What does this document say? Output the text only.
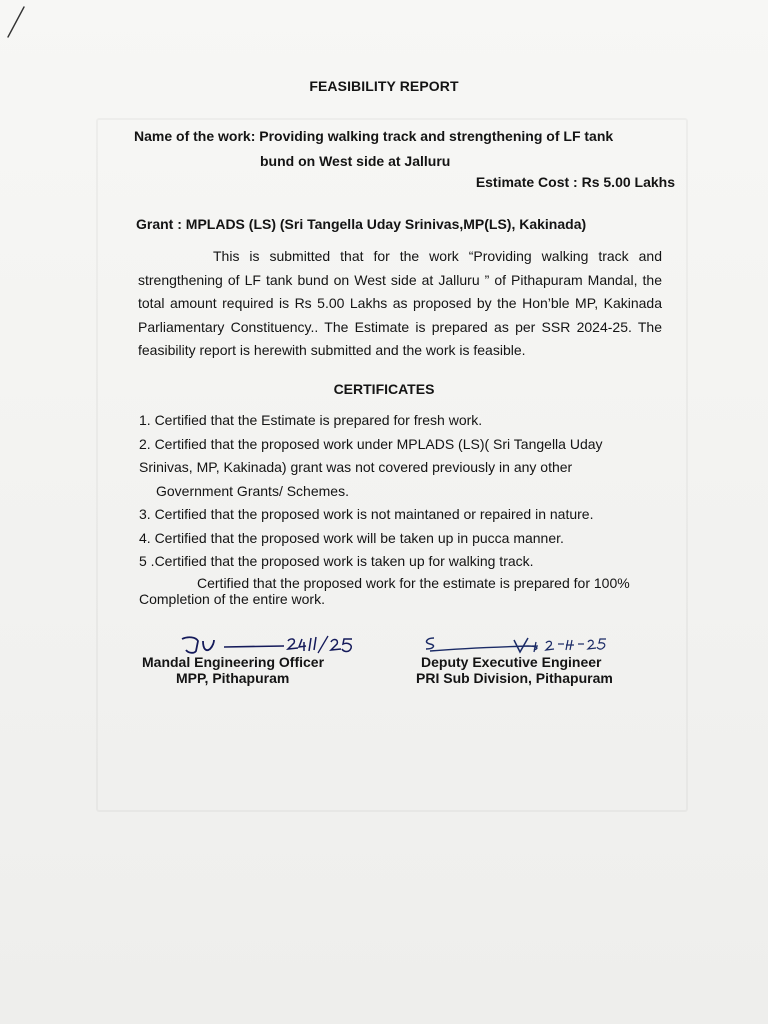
FEASIBILITY REPORT
Name of the work: Providing walking track and strengthening of LF tank
bund on West side at Jalluru
Estimate Cost : Rs 5.00 Lakhs
Grant : MPLADS (LS) (Sri Tangella Uday Srinivas,MP(LS), Kakinada)
This is submitted that for the work “Providing walking track and strengthening of LF tank bund on West side at Jalluru ” of Pithapuram Mandal, the total amount required is Rs 5.00 Lakhs as proposed by the Hon’ble MP, Kakinada Parliamentary Constituency.. The Estimate is prepared as per SSR 2024-25. The feasibility report is herewith submitted and the work is feasible.
CERTIFICATES
1. Certified that the Estimate is prepared for fresh work.
2. Certified that the proposed work under MPLADS (LS)( Sri Tangella Uday
Srinivas, MP, Kakinada) grant was not covered previously in any other
Government Grants/ Schemes.
3. Certified that the proposed work is not maintaned or repaired in nature.
4. Certified that the proposed work will be taken up in pucca manner.
5 .Certified that the proposed work is taken up for walking track.
Certified that the proposed work for the estimate is prepared for 100%
Completion of the entire work.
Mandal Engineering Officer
MPP, Pithapuram
Deputy Executive Engineer
PRI Sub Division, Pithapuram
